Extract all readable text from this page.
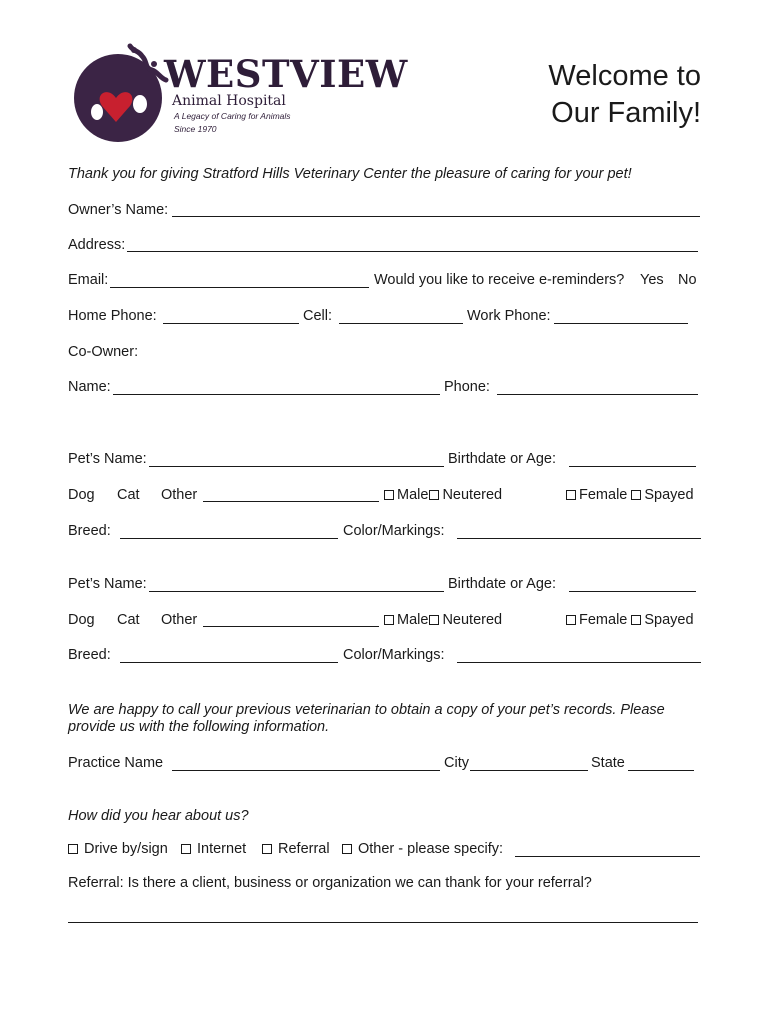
WESTVIEW
Animal Hospital
A Legacy of Caring for Animals
Since 1970
Welcome to
Our Family!
Thank you for giving Stratford Hills Veterinary Center the pleasure of caring for your pet!
Owner’s Name:
Address:
Email:	Would you like to receive e-reminders? Yes No
Home Phone:	Cell:	Work Phone:
Co-Owner:
Name:	Phone:
Pet’s Name:	Birthdate or Age:
Dog Cat Other	Male Neutered	Female Spayed
Breed:	Color/Markings:
Pet’s Name:	Birthdate or Age:
Dog Cat Other	Male Neutered	Female Spayed
Breed:	Color/Markings:
We are happy to call your previous veterinarian to obtain a copy of your pet’s records. Please provide us with the following information.
Practice Name	City	State
How did you hear about us?
Drive by/sign	Internet	Referral	Other - please specify:
Referral: Is there a client, business or organization we can thank for your referral?
